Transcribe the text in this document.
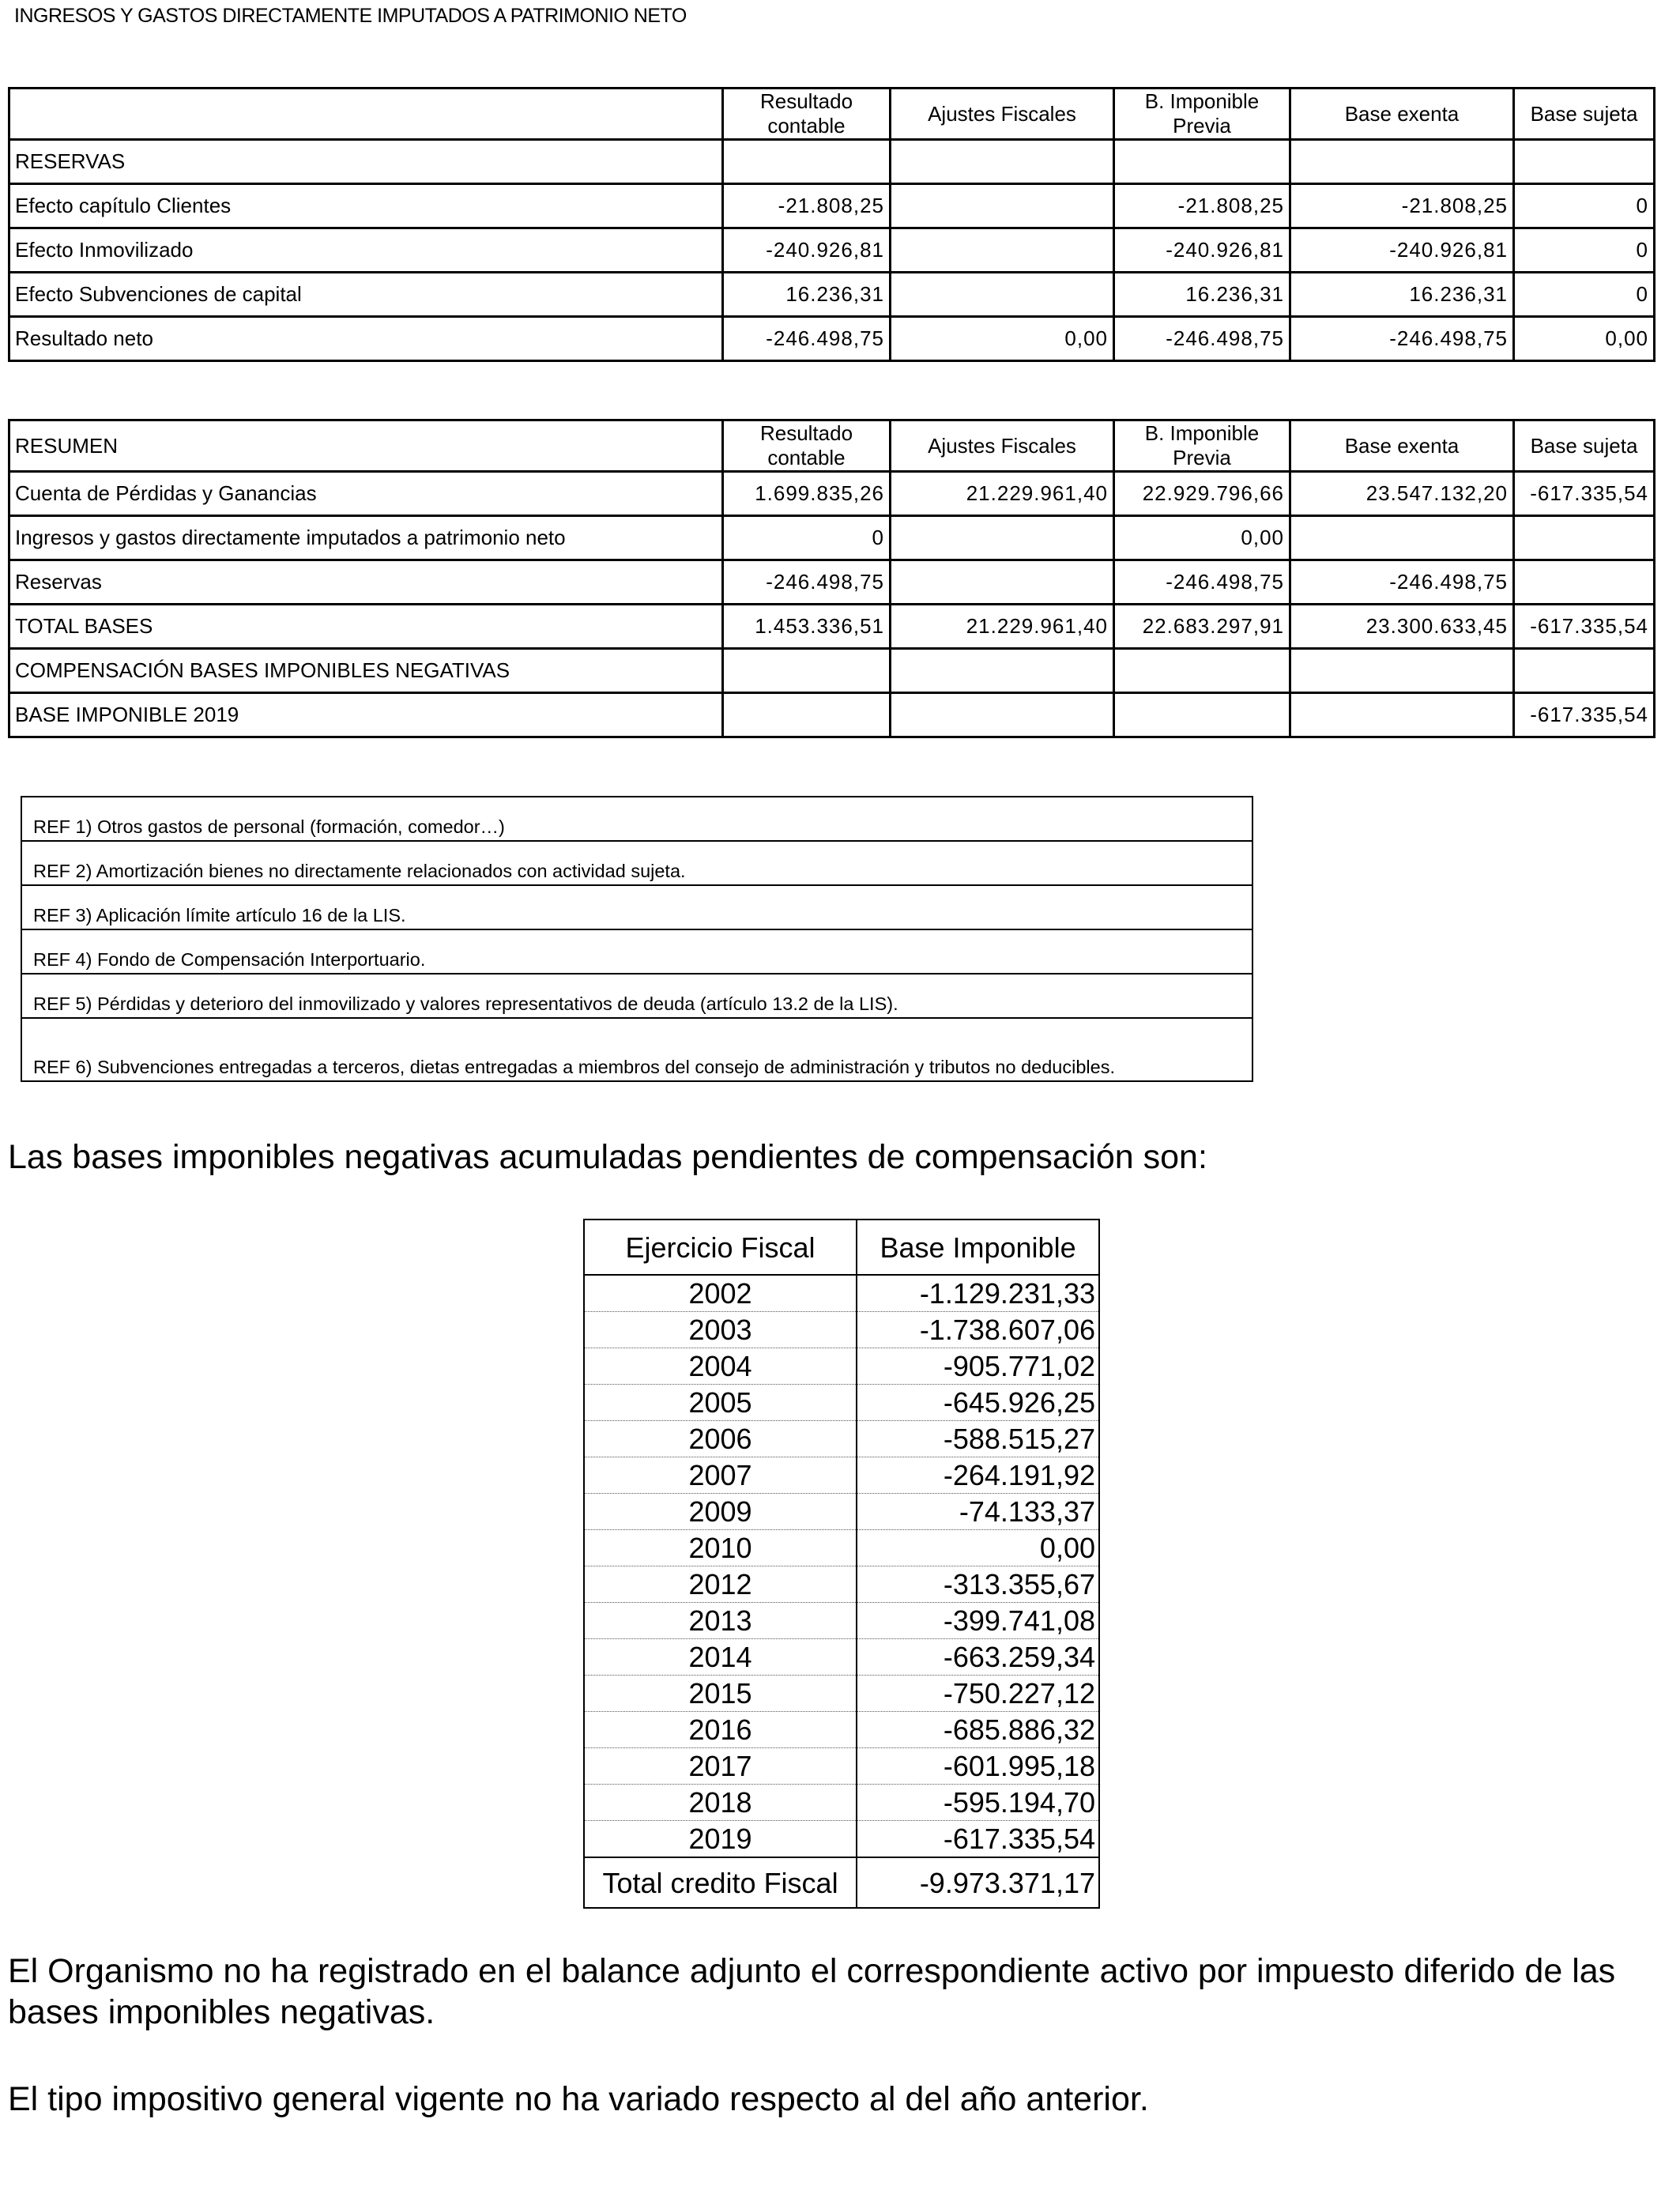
INGRESOS Y GASTOS DIRECTAMENTE IMPUTADOS A PATRIMONIO NETO
	Resultado contable	Ajustes Fiscales	B. Imponible Previa	Base exenta	Base sujeta
RESERVAS					
Efecto capítulo Clientes	-21.808,25		-21.808,25	-21.808,25	0
Efecto Inmovilizado	-240.926,81		-240.926,81	-240.926,81	0
Efecto Subvenciones de capital	16.236,31		16.236,31	16.236,31	0
Resultado neto	-246.498,75	0,00	-246.498,75	-246.498,75	0,00
RESUMEN	Resultado contable	Ajustes Fiscales	B. Imponible Previa	Base exenta	Base sujeta
Cuenta de Pérdidas y Ganancias	1.699.835,26	21.229.961,40	22.929.796,66	23.547.132,20	-617.335,54
Ingresos y gastos directamente imputados a patrimonio neto	0		0,00		
Reservas	-246.498,75		-246.498,75	-246.498,75	
TOTAL BASES	1.453.336,51	21.229.961,40	22.683.297,91	23.300.633,45	-617.335,54
COMPENSACIÓN BASES IMPONIBLES NEGATIVAS					
BASE IMPONIBLE 2019					-617.335,54
REF 1) Otros gastos de personal (formación, comedor…)
REF 2) Amortización bienes no directamente relacionados con actividad sujeta.
REF 3) Aplicación límite artículo 16 de la LIS.
REF 4) Fondo de Compensación Interportuario.
REF 5) Pérdidas y deterioro del inmovilizado y valores representativos de deuda (artículo 13.2 de la LIS).
REF 6) Subvenciones entregadas a terceros, dietas entregadas a miembros del consejo de administración y tributos no deducibles.
Las bases imponibles negativas acumuladas pendientes de compensación son:
Ejercicio Fiscal	Base Imponible
2002	-1.129.231,33
2003	-1.738.607,06
2004	-905.771,02
2005	-645.926,25
2006	-588.515,27
2007	-264.191,92
2009	-74.133,37
2010	0,00
2012	-313.355,67
2013	-399.741,08
2014	-663.259,34
2015	-750.227,12
2016	-685.886,32
2017	-601.995,18
2018	-595.194,70
2019	-617.335,54
Total credito Fiscal	-9.973.371,17
El Organismo no ha registrado en el balance adjunto el correspondiente activo por impuesto diferido de las bases imponibles negativas.
El tipo impositivo general vigente no ha variado respecto al del año anterior.
